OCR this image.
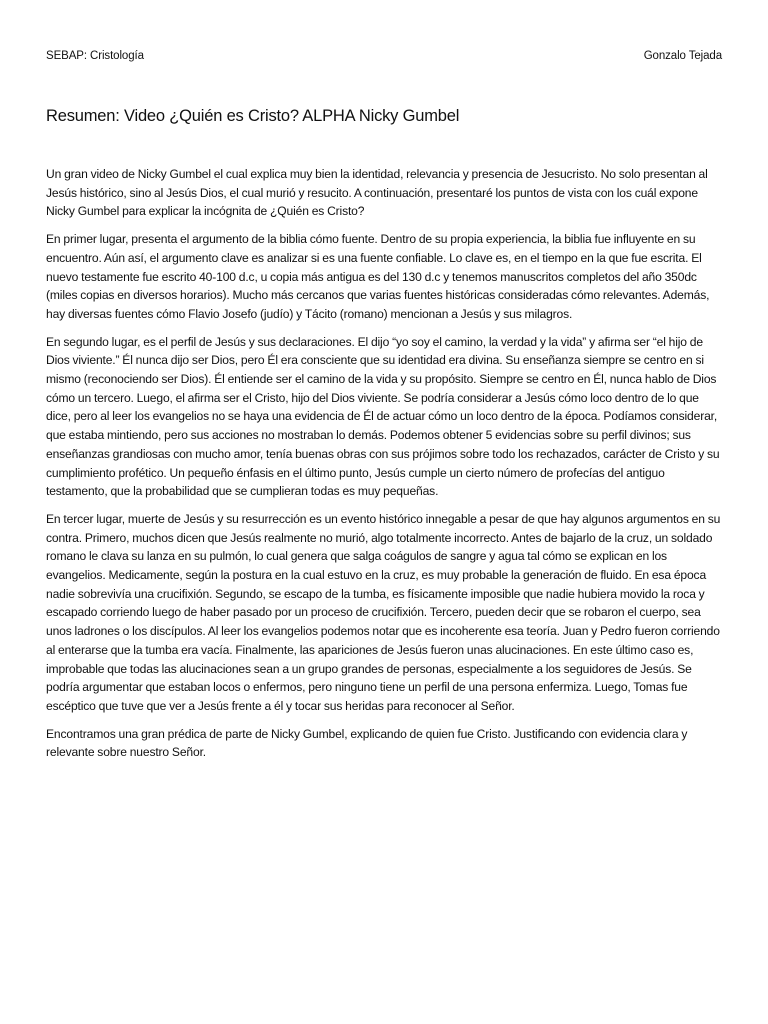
SEBAP: Cristología	Gonzalo Tejada
Resumen: Video ¿Quién es Cristo? ALPHA Nicky Gumbel

Un gran video de Nicky Gumbel el cual explica muy bien la identidad, relevancia y presencia de Jesucristo. No solo presentan al Jesús histórico, sino al Jesús Dios, el cual murió y resucito. A continuación, presentaré los puntos de vista con los cuál expone Nicky Gumbel para explicar la incógnita de ¿Quién es Cristo?

En primer lugar, presenta el argumento de la biblia cómo fuente. Dentro de su propia experiencia, la biblia fue influyente en su encuentro. Aún así, el argumento clave es analizar si es una fuente confiable. Lo clave es, en el tiempo en la que fue escrita. El nuevo testamente fue escrito 40-100 d.c, u copia más antigua es del 130 d.c y tenemos manuscritos completos del año 350dc (miles copias en diversos horarios). Mucho más cercanos que varias fuentes históricas consideradas cómo relevantes. Además, hay diversas fuentes cómo Flavio Josefo (judío) y Tácito (romano) mencionan a Jesús y sus milagros.

En segundo lugar, es el perfil de Jesús y sus declaraciones. El dijo “yo soy el camino, la verdad y la vida” y afirma ser “el hijo de Dios viviente.” Él nunca dijo ser Dios, pero Él era consciente que su identidad era divina. Su enseñanza siempre se centro en si mismo (reconociendo ser Dios). Él entiende ser el camino de la vida y su propósito. Siempre se centro en Él, nunca hablo de Dios cómo un tercero. Luego, el afirma ser el Cristo, hijo del Dios viviente. Se podría considerar a Jesús cómo loco dentro de lo que dice, pero al leer los evangelios no se haya una evidencia de Él de actuar cómo un loco dentro de la época. Podíamos considerar, que estaba mintiendo, pero sus acciones no mostraban lo demás. Podemos obtener 5 evidencias sobre su perfil divinos; sus enseñanzas grandiosas con mucho amor, tenía buenas obras con sus prójimos sobre todo los rechazados, carácter de Cristo y su cumplimiento profético. Un pequeño énfasis en el último punto, Jesús cumple un cierto número de profecías del antiguo testamento, que la probabilidad que se cumplieran todas es muy pequeñas.

En tercer lugar, muerte de Jesús y su resurrección es un evento histórico innegable a pesar de que hay algunos argumentos en su contra. Primero, muchos dicen que Jesús realmente no murió, algo totalmente incorrecto. Antes de bajarlo de la cruz, un soldado romano le clava su lanza en su pulmón, lo cual genera que salga coágulos de sangre y agua tal cómo se explican en los evangelios. Medicamente, según la postura en la cual estuvo en la cruz, es muy probable la generación de fluido. En esa época nadie sobrevivía una crucifixión. Segundo, se escapo de la tumba, es físicamente imposible que nadie hubiera movido la roca y escapado corriendo luego de haber pasado por un proceso de crucifixión. Tercero, pueden decir que se robaron el cuerpo, sea unos ladrones o los discípulos. Al leer los evangelios podemos notar que es incoherente esa teoría. Juan y Pedro fueron corriendo al enterarse que la tumba era vacía. Finalmente, las apariciones de Jesús fueron unas alucinaciones. En este último caso es, improbable que todas las alucinaciones sean a un grupo grandes de personas, especialmente a los seguidores de Jesús. Se podría argumentar que estaban locos o enfermos, pero ninguno tiene un perfil de una persona enfermiza. Luego, Tomas fue escéptico que tuve que ver a Jesús frente a él y tocar sus heridas para reconocer al Señor.

Encontramos una gran prédica de parte de Nicky Gumbel, explicando de quien fue Cristo. Justificando con evidencia clara y relevante sobre nuestro Señor.
